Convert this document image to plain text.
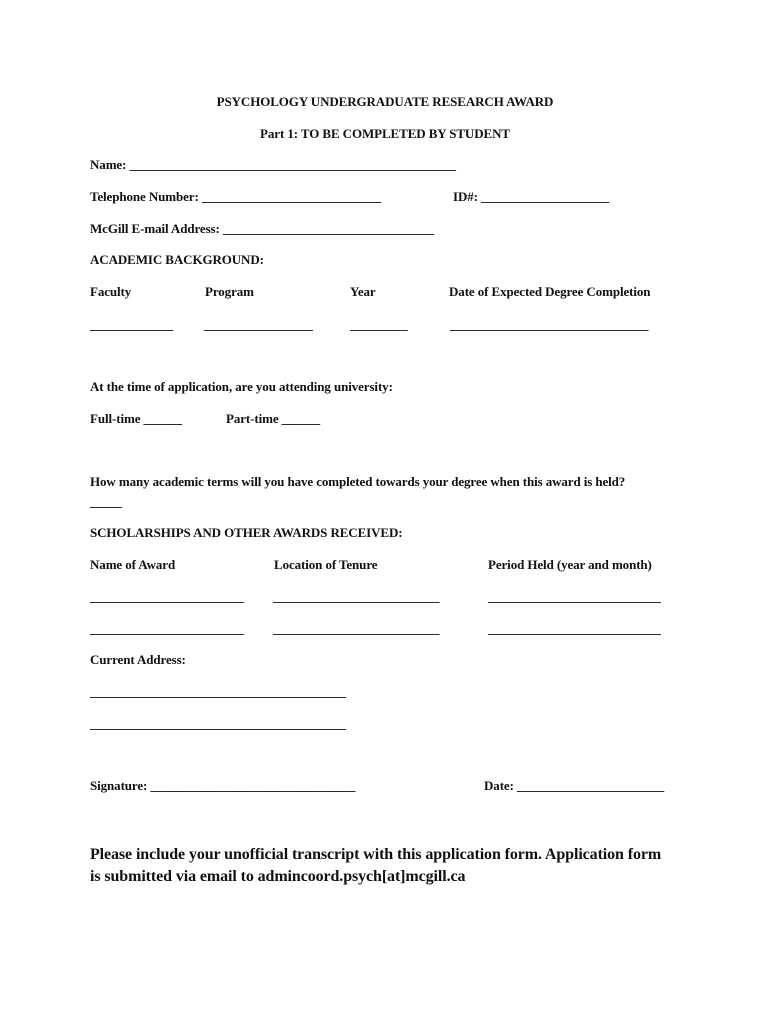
PSYCHOLOGY UNDERGRADUATE RESEARCH AWARD
Part 1: TO BE COMPLETED BY STUDENT
Name: ___________________________________________________
Telephone Number: ____________________________	ID#: ____________________
McGill E-mail Address: _________________________________
ACADEMIC BACKGROUND:
Faculty	Program	Year	Date of Expected Degree Completion
_____________ _________________	_________	_______________________________
At the time of application, are you attending university:
Full-time ______	Part-time ______
How many academic terms will you have completed towards your degree when this award is held?
_____
SCHOLARSHIPS AND OTHER AWARDS RECEIVED:
Name of Award	Location of Tenure	Period Held (year and month)
________________________ __________________________	___________________________
________________________ __________________________	___________________________
Current Address:
________________________________________
________________________________________
Signature: ________________________________	Date: _______________________
Please include your unofficial transcript with this application form. Application form is submitted via email to admincoord.psych[at]mcgill.ca
